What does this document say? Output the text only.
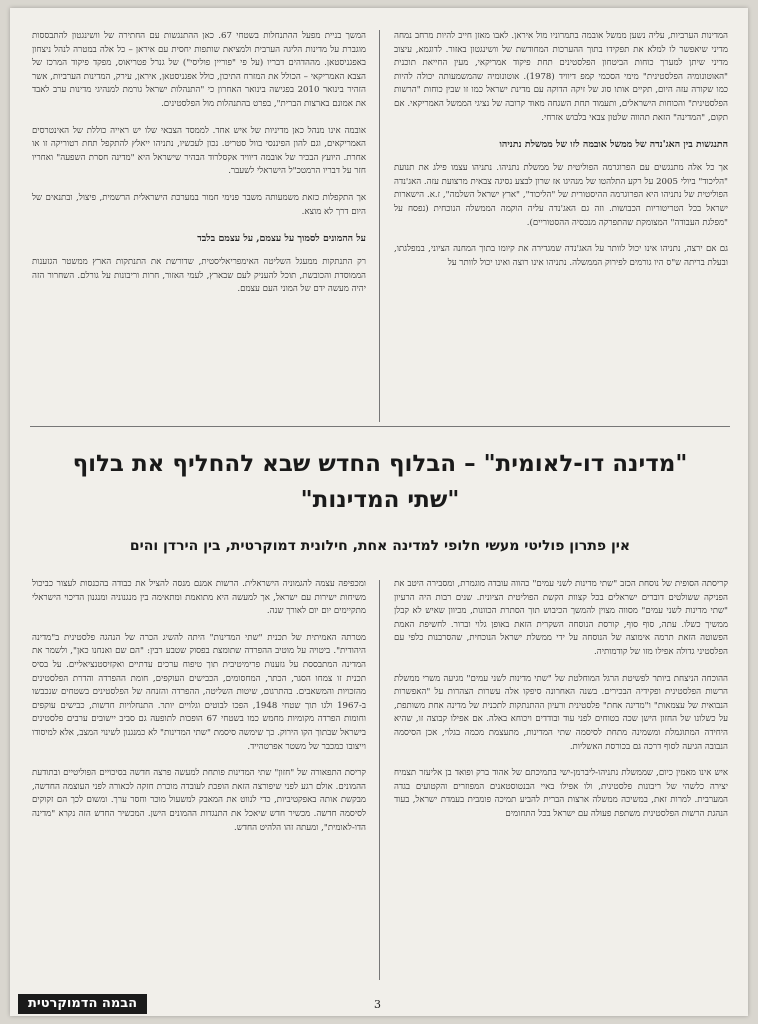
המדינות הערביות, עליה נשען ממשל אובמה בתמרוניו מול איראן. לאבו מאזן חייב להיות מרחב נמחה מדיני שיאפשר לו למלא את תפקידו בתוך ההערכות המחודשת של וושינגטון באזור. לדוגמא, עיצוב מדיני שיתן למערך כוחות הביטחון הפלסטינים תחת פיקוד אמריקאי, מעין החייאת תוכנית "האוטונומיה הפלסטינית" מימי הסכמי קמפ דיוויד (1978). אוטונומיה שהמשמעותה יכולה להיות כמו שקורה עזה היום, תקיים אותו סוג של זיקה הדוקה עם מדינת ישראל כמו זו שבין כוחות "הרשות הפלסטינית" והכוחות הישראלים, ותעמוד תחת השגחה מאוד קרובה של נציגי הממשל האמריקאי. אם תקום, "המדינה" הזאת תהווה שלטון צבאי בלבוש אזרחי.

התנגשות בין האג'נדה של ממשל אובמה לזו של ממשלת נתניהו

אך כל אלה מתנגשים עם הפרוגרמה הפוליטית של ממשלת נתניהו. נתניהו עצמו פילג את תנועת "הליכוד" ביולי 2005 על רקע התלהטו של מנהיגו אז שרון לבצע נסיגה צבאית מרצועת עזה. האג'נדה הפוליטית של נתניהו היא הפרוגרמה ההיסטורית של "הליכוד", "ארץ ישראל השלמה", ז.א. הישארות ישראל בכל הטריטוריות הכבושות. וזה גם האג'נדה עליה הוקמה הממשלה הנוכחית (נפסח על "מפלגת העבודה" המצומקת שהתפרקה מנכסיה ההסטוריים).

גם אם ירצה, נתניהו אינו יכול לוותר על האג'נדה שמגדירה את קיומו בתוך המחנה הציוני, במפלגתו, ובעלת בריתה ש"ס היו גורמים לפירוק הממשלה. נתניהו אינו רוצה ואינו יכול לוותר על

המשך בניית מפעל ההתנחלות בשטחי 67. כאן ההתנגשות עם החתירה של וושינגטון להתבססות מוגברת על מדינות הליגה הערבית ולמציאת שותפות יחסית עם איראן – כל אלה במטרה לנהל ניצחון באפגניסטאן. מההדהים דבריו (על פי "פוריין פוליסי") של גנרל פטריאוס, מפקד פיקוד המרכז של הצבא האמריקאי – הכולל את המזרח התיכון, כולל אפגניסטאן, איראן, עירק, המדינות הערביות, אשר הזהיר בינואר 2010 בפגישה בינואר האחרון כי "התנהלות ישראל גורמת למנהיגי מדינות ערב לאבד את אמונם בארצות הברית", בפרט בהתנהלות מול הפלסטינים.

אובמה אינו מנהל כאן מדיניות של איש אחד. לממסד הצבאי שלו יש ראייה כוללת של האינטרסים האמריקאים, וגם להון הפיננסי בוול סטריט. נכון לעכשיו, נתניהו ייאלץ להתקפל תחת רטוריקה זו או אחרת. היועץ הבכיר של אובמה דיוויד אקסלרוד הבהיר שישראל היא "מדינה חסרת השפעה" ואחריו חזר על דבריו הרמטכ"ל הישראלי לשעבר.

אך התקפלות כזאת משמעותה משבר פנימי חמור במערכת הישראלית הרשמית, פיצול, ובתנאים של היום דרך לא מוצא.

על ההמונים לסמוך על עצמם, על עצמם בלבד

רק התנתקות ממעגל השליטה האימפריאליסטית, שדורשת את התנתקות הארץ ממשטר הגזענות הממוסדת והכובשת, תוכל להעניק לעם שבארץ, לעמי האזור, חרות וריבונות על גורלם. השחרור הזה יהיה מעשה ידם של המוני העם עצמם.

"מדינה דו-לאומית" – הבלוף החדש שבא להחליף את בלוף
"שתי המדינות"
אין פתרון פוליטי מעשי חלופי למדינה אחת, חילונית דמוקרטית, בין הירדן והים

קריסתה הסופית של נוסחת הכזב "שתי מדינות לשני עמים" כהווה עובדה מוגמרת, ומסבירה היטב את הפניקה ששולטים דוברים ישראלים בכל קצוות הקשת הפוליטית הציונית. שנים רבות היה הרעיון "שתי מדינות לשני עמים" מסווה מצוין להמשך הכיבוש תוך הסתרת הכוונות, מכיוון שאיש לא קבלן ממשיך כשלו. עתה, סוף סוף, קורסת הנוסחה השקרית הזאת באופן גלוי וברור. לחשיפת האמת הפשוטה הזאת תרמה אימוצה של הנוסחה על ידי ממשלת ישראל הנוכחית, שהסרבנות כלפי עם הפלסטיני גדולה אפילו מזו של קודמותיה.

ההוכחה הניצחת ביותר לפשיטת הרגל המוחלטת של "שתי מדינות לשני עמים" מגיעה משרי ממשלת הרשות הפלסטינית ופקידיה הבכירים. בשנה האחרונה סיפקו אלה עשרות הצהרות על "האפשרות הנבואית של עצמאות" ו"מדינה אחת" פלסטינית ורעיון ההתנתקות לתכנית של מדינה אחת משותפת, על כשלונו של החזון הישן שכה בטוחים לפני עוד ובודדים ויכוחא באלה. אם אפילו קבוצה זו, שהיא היחידה המתוגמלת ומשמינה מתחת לסיסמה שתי המדינות, מתעצמת מכמה בגלוי, אכן הסיסמה הנבובה הגיעה לסוף דרכה גם בכורסת האשליות.

איש אינו מאמין כיום, שממשלת נתניהו-ליברמן-ישי בתמיכתם של אהוד ברק ופואד בן אליעזר תצמיח יצירה כלשהי של ריבונות פלסטינית, ולו אפילו באיי הבנטוסטאנים המפוזרים והקטועים בגדה המערבית. למרות זאת, במשיכה ממשלה ארצות הברית להביע תמיכה פומבית בעמדת ישראל, בעוד הנהגת הרשות הפלסטינית משתפת פעולה עם ישראל בכל התחומים

ומכפיפה עצמה להגמוניה הישראלית. הרשות אמנם מנסה להציל את כבודה בהכנסות לעצור כביכול משיחות ישירות עם ישראל, אך למעשה היא מתואמת ומתאימה בין מנגנוניה ומנגנון הדיכוי הישראלי מתקיימים יום יום לאורך שנה.

מטרתה האמיתית של תכנית "שתי המדינות" היתה להשיג הכרה של הנהגה פלסטינית ב"מדינה היהודית". ביטויה על מוטיב ההפרדה שתומצת בפסוק שטבע רבין: "הם שם ואנחנו כאן", ולשמר את המדינה המתבססת על גזענות פרימיטיבית תוך טיפוח ערכים עדתיים ואקזיסטנציאליים. על בסיס תכנית זו צמחו הסגר, הכתר, המחסומים, הכבישים העוקפים, חומת ההפרדה והדרת הפלסטינים מהזכויות והמשאבים. בהתרגום, שיטות השליטה, ההפרדה והזנחה של הפלסטינים בשטחים שנכבשו ב-1967 ולגו תוך שטחי 1948, הפכו לבוטים וגלויים יותר. התנחלויות חדשות, כבישים עוקפים וחומות הפרדה מקומיות מחמש כמו בשטחי 67 הופכות לתופעה גם סביב יישובים ערבים פלסטינים בישראל שבתוך הקו הירוק. כך שימשה סיסמת "שתי המדינות" לא כמנגנון לשינוי המצב, אלא למיסודו וייצובו כמכבר של משטר אפרטהייד.

קריסת התפאורה של "חזון" שתי המדינות פותחת למעשה פרצה חדשה בסיכויים הפוליטיים ובתודעת ההמונים. אולם רגע לפני שיפורצה הזאת הופכת לעובדה מוכרת חזקה לכאורה לפני העוצמה החדשה, מבקשת אותה באפקטיביות, כדי לנווט את המאבק למשעול מוכר וחסר ערך. ומשום לכך הם זקוקים לסיסמה חדשה. מכשיר חדש שיאכל את התנגדות ההמונים הישן. המכשיר החדש הזה נקרא "מדינה הדו-לאומית", ומעתה זהו הלהיט החדש.

הבמה הדמוקרטית	3
